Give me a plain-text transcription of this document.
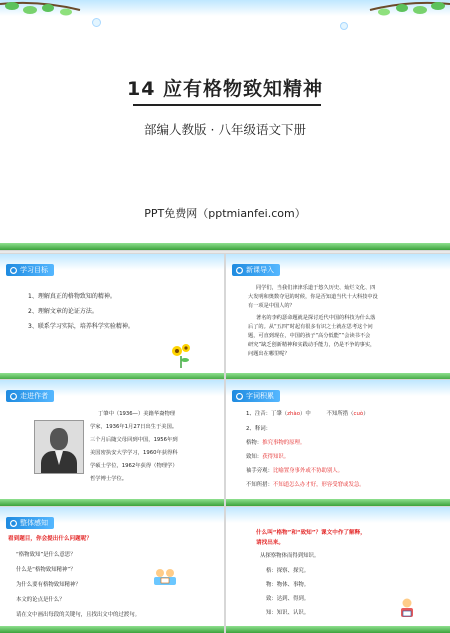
14 应有格物致知精神
部编人教版 · 八年级语文下册
PPT免费网（pptmianfei.com）
● 学习目标
1、理解真正的格物致知的精神。
2、理解文章的论证方法。
3、联系学习实际，培养科学实验精神。
● 新课导入
同学们，当我们津津乐道于悠久历史、灿烂文化、四
大发明和奥数夺冠的时候，你是否知道当代十大科技中没
有一项是中国人的？
著名的李约瑟命题就是探讨近代中国的科技为什么落
后了的。从“五四”时起有很多有识之士就在思考这个问
题，可直到现在，中国的孩子“高分低能”“会读书不会
研究”缺乏创新精神和实践动手能力，仍是不争的事实，
问题出在哪里呢？
● 走进作者
丁肇中（1936—）美籍华裔物理
学家，1936年1月27日出生于美国。
三个月后随父母回到中国，1956年到
美国密执安大学学习，1960年获得科
学硕士学位，1962年获得（物理学）
哲学博士学位。
● 字词积累
1、注音：丁肇（zhào）中	不知所措（cuò）
2、释词：
格物：推究事物的原理。
致知：获得知识。
袖手旁观：比喻置身事外或不协助别人。
不知所措：不知道怎么办才好，形容受窘或发急。
● 整体感知
看到题目，你会提出什么问题呢？
“格物致知”是什么意思？
什么是“格物致知精神”？
为什么要有格物致知精神？
本文的论点是什么？
请在文中画出每段的关键句，且找出文中的过渡句。
什么叫“格物”和“致知”？课文中作了解释，
请找出来。
从探察物体而得到知识。
格：探察、探究。
物：物体、事物。
致：达到、得到。
知：知识、认识。
